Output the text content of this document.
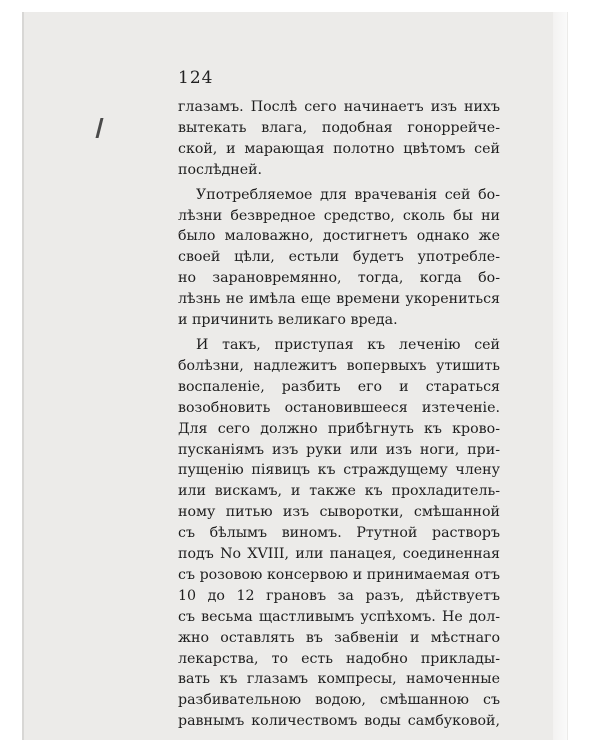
124
глазамъ. Послѣ сего начинаетъ изъ нихъ
вытекать влага, подобная гоноррейче-
ской, и марающая полотно цвѣтомъ сей
послѣдней.
Употребляемое для врачеванія сей бо-
лѣзни безвредное средство, сколь бы ни
было маловажно, достигнетъ однако же
своей цѣли, естьли будетъ употребле-
но зарановремянно, тогда, когда бо-
лѣзнь не имѣла еще времени укорениться
и причинить великаго вреда.
И такъ, приступая къ леченію сей
болѣзни, надлежитъ вопервыхъ утишить
воспаленіе, разбить его и стараться
возобновить остановившееся изтеченіе.
Для сего должно прибѣгнуть къ крово-
пусканіямъ изъ руки или изъ ноги, при-
пущенію піявицъ къ страждущему члену
или вискамъ, и также къ прохладитель-
ному питью изъ сыворотки, смѣшанной
съ бѣлымъ виномъ. Ртутной растворъ
подъ No XVIII, или панацея, соединенная
съ розовою консервою и принимаемая отъ
10 до 12 грановъ за разъ, дѣйствуетъ
съ весьма щастливымъ успѣхомъ. Не дол-
жно оставлять въ забвеніи и мѣстнаго
лекарства, то есть надобно приклады-
вать къ глазамъ компресы, намоченные
разбивательною водою, смѣшанною съ
равнымъ количествомъ воды самбуковой,
